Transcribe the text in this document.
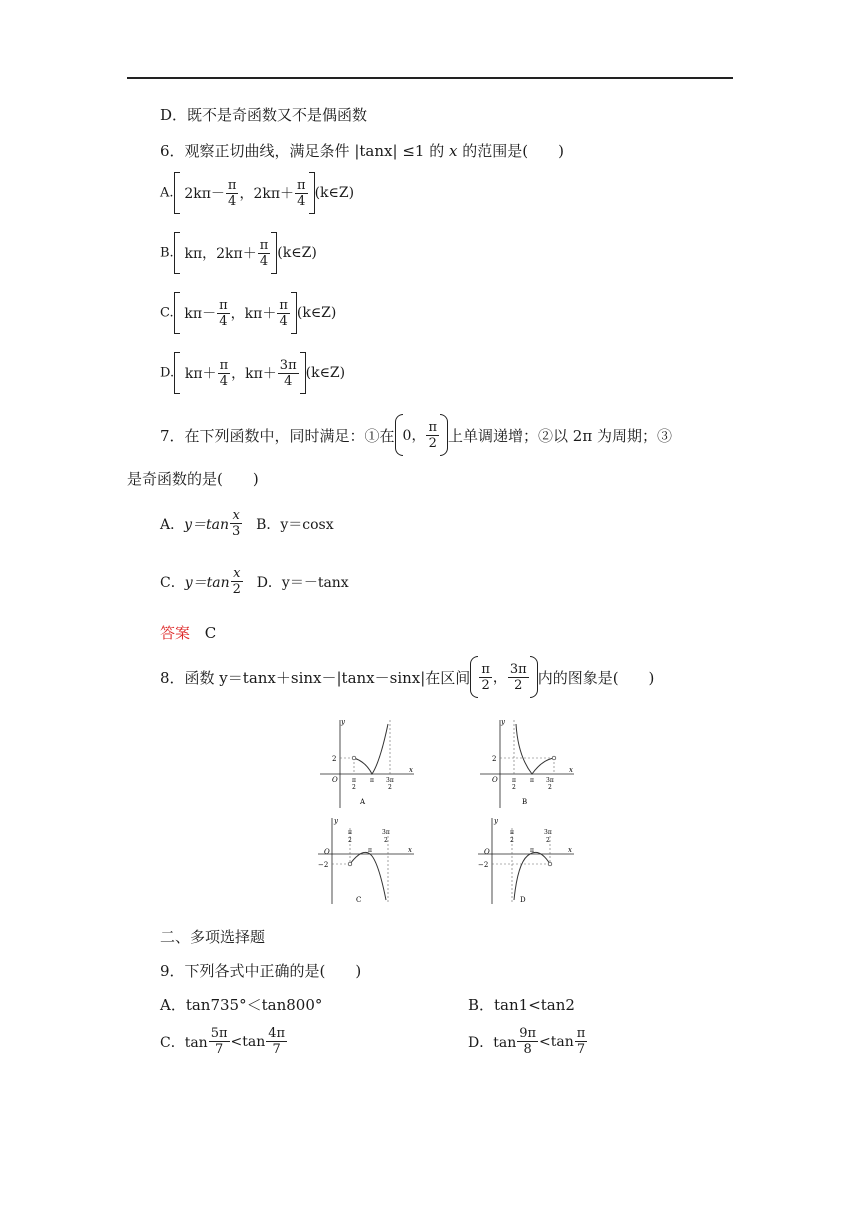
D．既不是奇函数又不是偶函数
6．观察正切曲线，满足条件 |tanx| ≤1 的 x 的范围是(　　)
A. $2k\pi- \frac{\pi}{4}$ ，$2k\pi+ \frac{\pi}{4}$ (k∈Z)
B. kπ，$2k\pi+ \frac{\pi}{4}$ (k∈Z)
C. $k\pi- \frac{\pi}{4}$ ，$k\pi+ \frac{\pi}{4}$ (k∈Z)
D. $k\pi+ \frac{\pi}{4}$ ，$k\pi+ \frac{3\pi}{4}$ (k∈Z)
7．在下列函数中，同时满足：①在 0， $\frac{\pi}{2}$ 上单调递增；②以 2π 为周期；③
是奇函数的是(　　)
A．$y=\tan \frac{x}{3}$ B．y＝cosx
C．$y=\tan \frac{x}{2}$ D．y＝－tanx
答案 C
8．函数 y＝tanx＋sinx－|tanx－sinx|在区间 $\frac{\pi}{2}$ ， $\frac{3\pi}{2}$ 内的图象是(　　)
y
x
O
2
π
2
π 3π
2
A
y
x
O
2
π
2
π 3π
2
B
y
x
O
−2
π
2
π
3π
2
C
y
x
O
−2
π
2
π
3π
2
D
二、多项选择题
9．下列各式中正确的是(　　)
A．tan735°＜tan800°	B．tan1<tan2
C．$\tan \frac{5\pi}{7} <\tan \frac{4\pi}{7}$	D．$\tan \frac{9\pi}{8} <\tan \frac{\pi}{7}$
